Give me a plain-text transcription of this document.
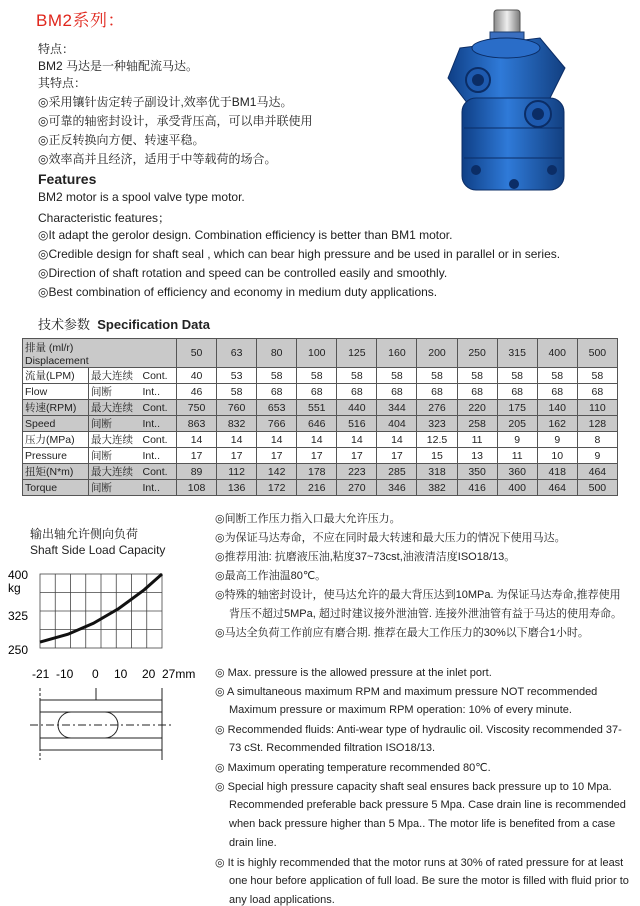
BM2系列：
特点：
BM2 马达是一种轴配流马达。
其特点：
◎采用镶针齿定转子副设计,效率优于BM1马达。
◎可靠的轴密封设计，承受背压高，可以串并联使用
◎正反转换向方便、转速平稳。
◎效率高并且经济，适用于中等载荷的场合。
Features
BM2 motor is a spool valve type motor.
Characteristic features；
◎It adapt the gerolor design. Combination efficiency is better than BM1 motor.
◎Credible design for shaft seal , which can bear high pressure and be used in parallel or in series.
◎Direction of shaft rotation and speed can be controlled easily and smoothly.
◎Best combination of efficiency and economy in medium duty applications.
技术参数 Specification Data
排量 (ml/r)
Displacement			50	63	80	100	125	160	200	250	315	400	500
流量(LPM)	最大连续	Cont.	40	53	58	58	58	58	58	58	58	58	58
Flow	间断	Int..	46	58	68	68	68	68	68	68	68	68	68
转速(RPM)	最大连续	Cont.	750	760	653	551	440	344	276	220	175	140	110
Speed	间断	Int..	863	832	766	646	516	404	323	258	205	162	128
压力(MPa)	最大连续	Cont.	14	14	14	14	14	14	12.5	11	9	9	8
Pressure	间断	Int..	17	17	17	17	17	17	15	13	11	10	9
扭矩(N*m)	最大连续	Cont.	89	112	142	178	223	285	318	350	360	418	464
Torque	间断	Int..	108	136	172	216	270	346	382	416	400	464	500
输出轴允许侧向负荷
Shaft Side Load Capacity
400
kg
325
250
-21 -10 0 10 20 27mm
◎间断工作压力指入口最大允许压力。
◎为保证马达寿命，不应在同时最大转速和最大压力的情况下使用马达。
◎推荐用油: 抗磨液压油,粘度37~73cst,油液清洁度ISO18/13。
◎最高工作油温80℃。
◎特殊的轴密封设计，使马达允许的最大背压达到10MPa. 为保证马达寿命,推荐使用
背压不超过5MPa, 超过时建议接外泄油管. 连接外泄油管有益于马达的使用寿命。
◎马达全负荷工作前应有磨合期. 推荐在最大工作压力的30%以下磨合1小时。
◎ Max. pressure is the allowed pressure at the inlet port.
◎ A simultaneous maximum RPM and maximum pressure NOT recommended
Maximum pressure or maximum RPM operation: 10% of every minute.
◎ Recommended fluids: Anti-wear type of hydraulic oil. Viscosity recommended 37-
73 cSt. Recommended filtration ISO18/13.
◎ Maximum operating temperature recommended 80℃.
◎ Special high pressure capacity shaft seal ensures back pressure up to 10 Mpa.
Recommended preferable back pressure 5 Mpa. Case drain line is recommended
when back pressure higher than 5 Mpa.. The motor life is benefited from a case
drain line.
◎ It is highly recommended that the motor runs at 30% of rated pressure for at least
one hour before application of full load. Be sure the motor is filled with fluid prior to
any load applications.
